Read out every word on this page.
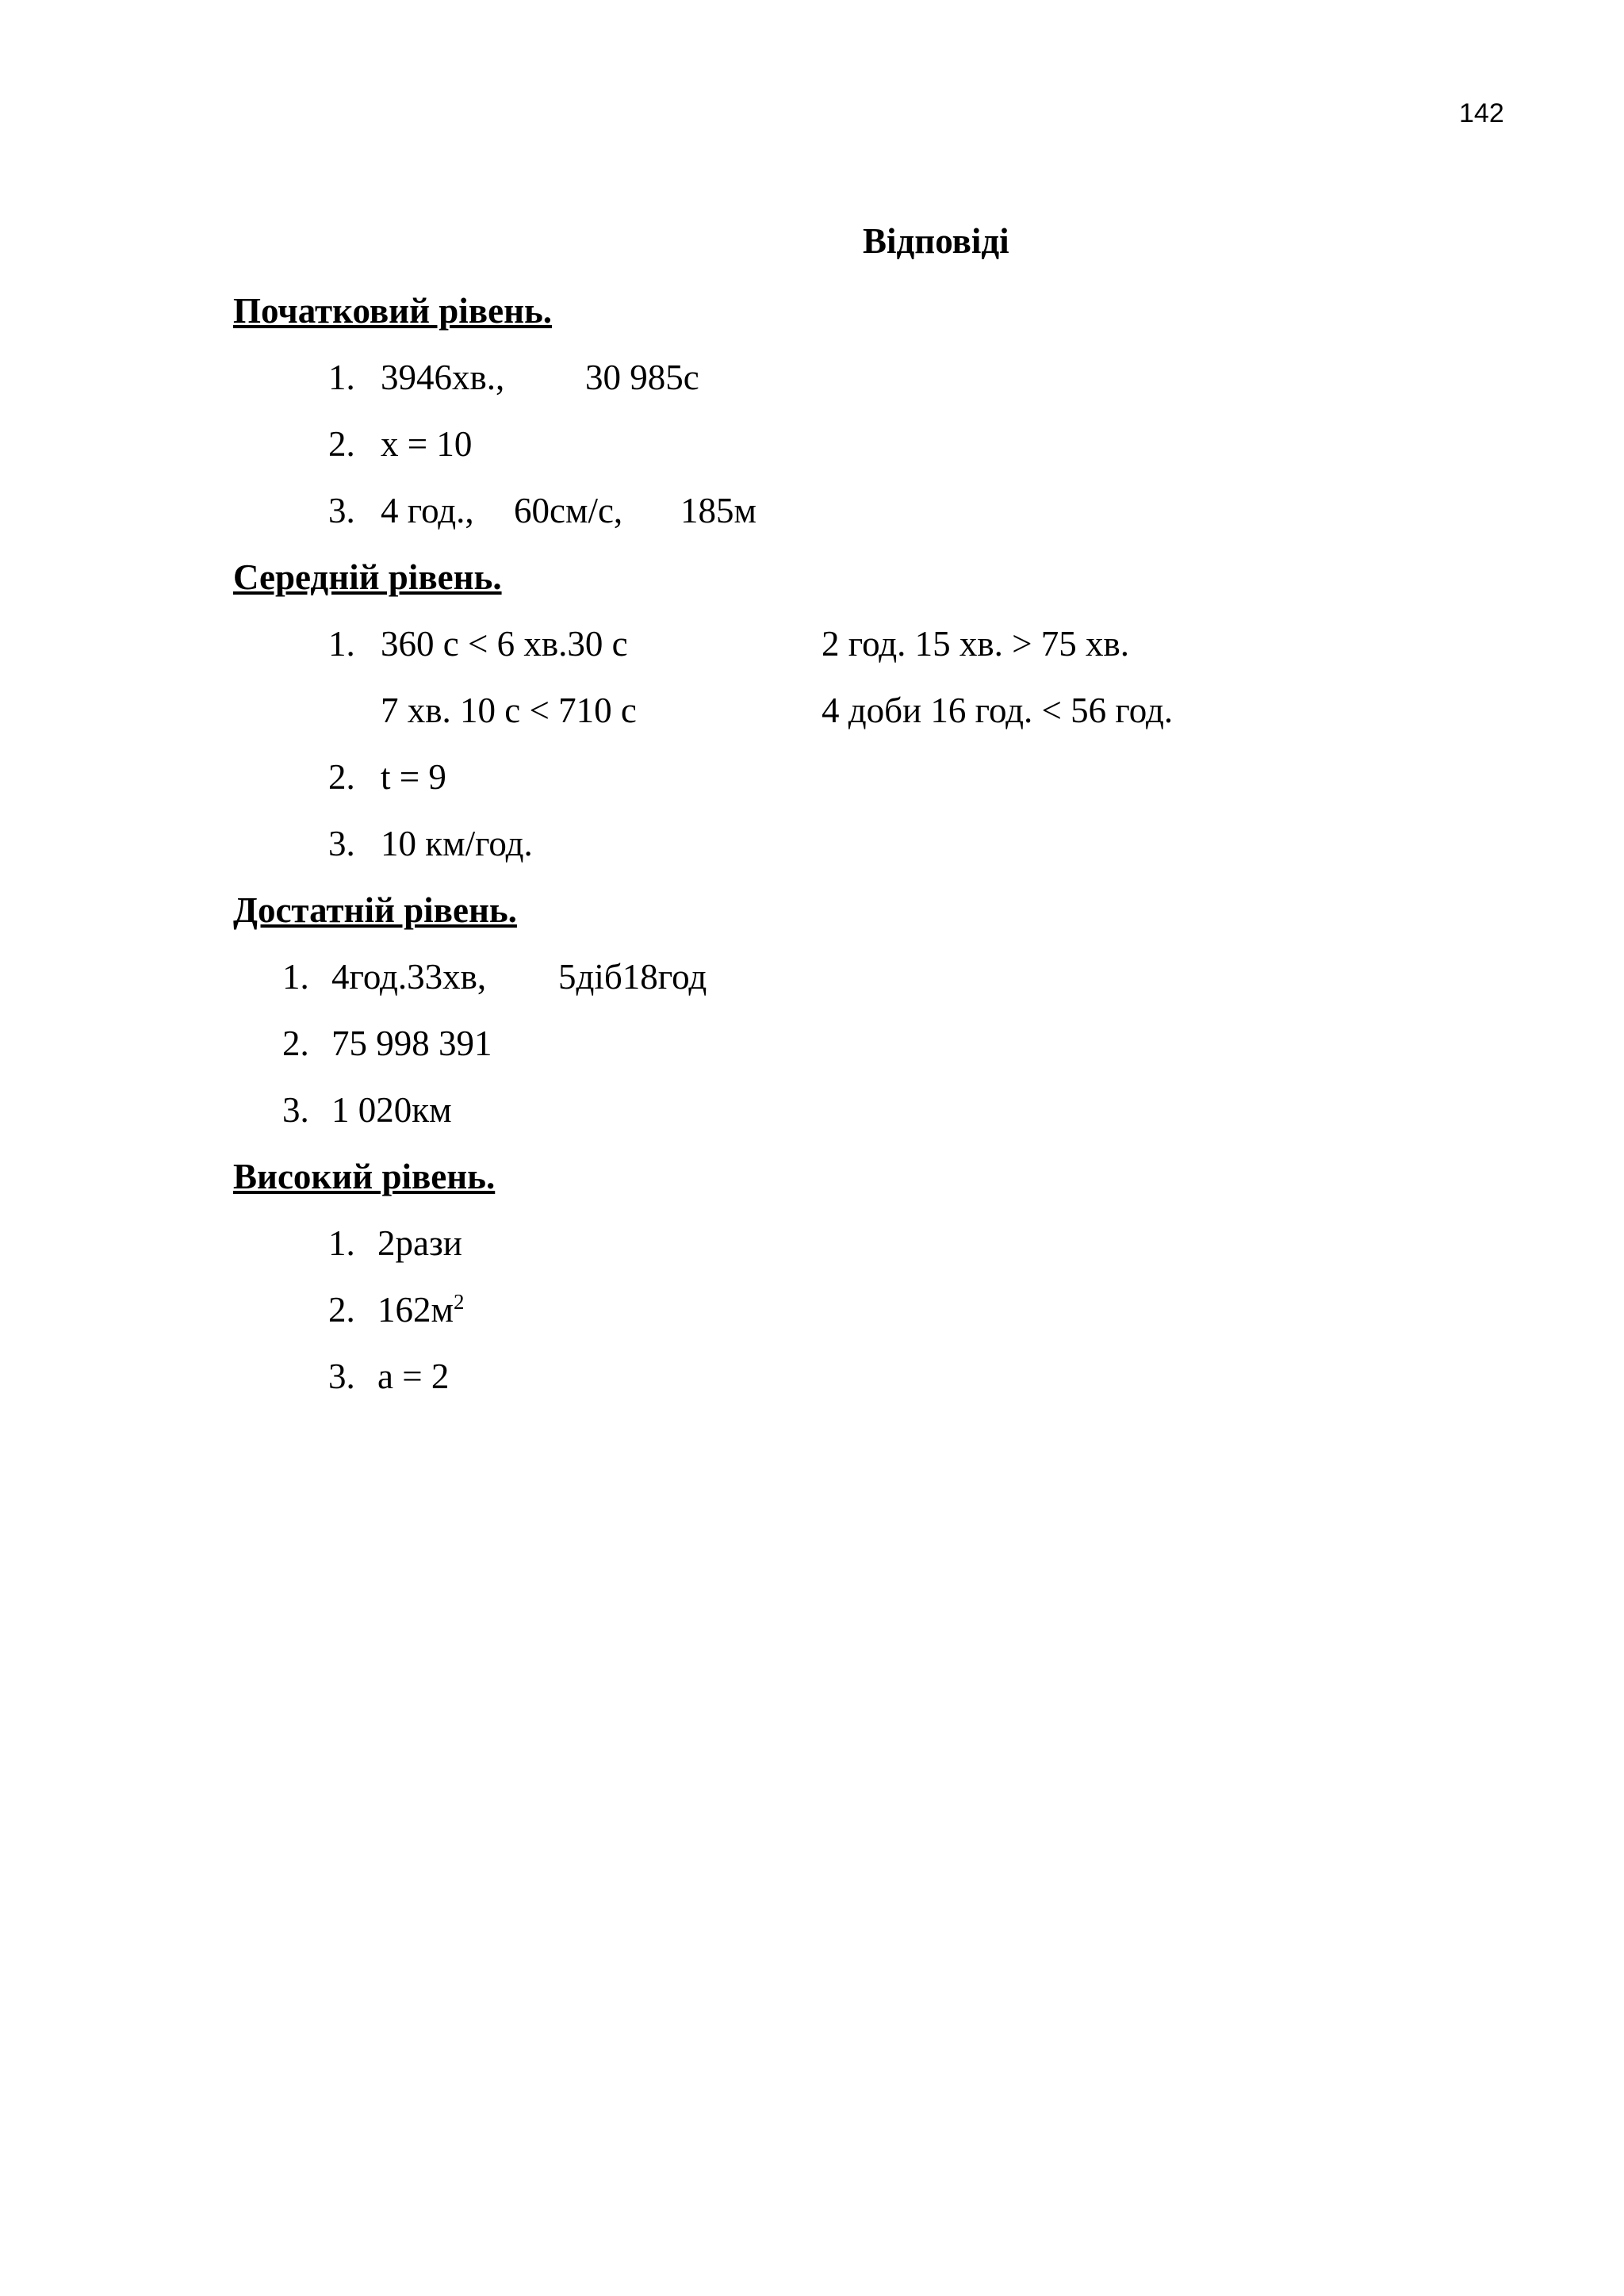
142
Відповіді
Початковий рівень.
1. 3946хв., 30 985с
2. x = 10
3. 4 год., 60см/с, 185м
Середній рівень.
1. 360 с < 6 хв.30 с	2 год. 15 хв. > 75 хв.
7 хв. 10 с < 710 с	4 доби 16 год. < 56 год.
2. t = 9
3. 10 км/год.
Достатній рівень.
1. 4год.33хв, 5діб18год
2. 75 998 391
3. 1 020км
Високий рівень.
1. 2рази
2. $162м^2$
3. a = 2
